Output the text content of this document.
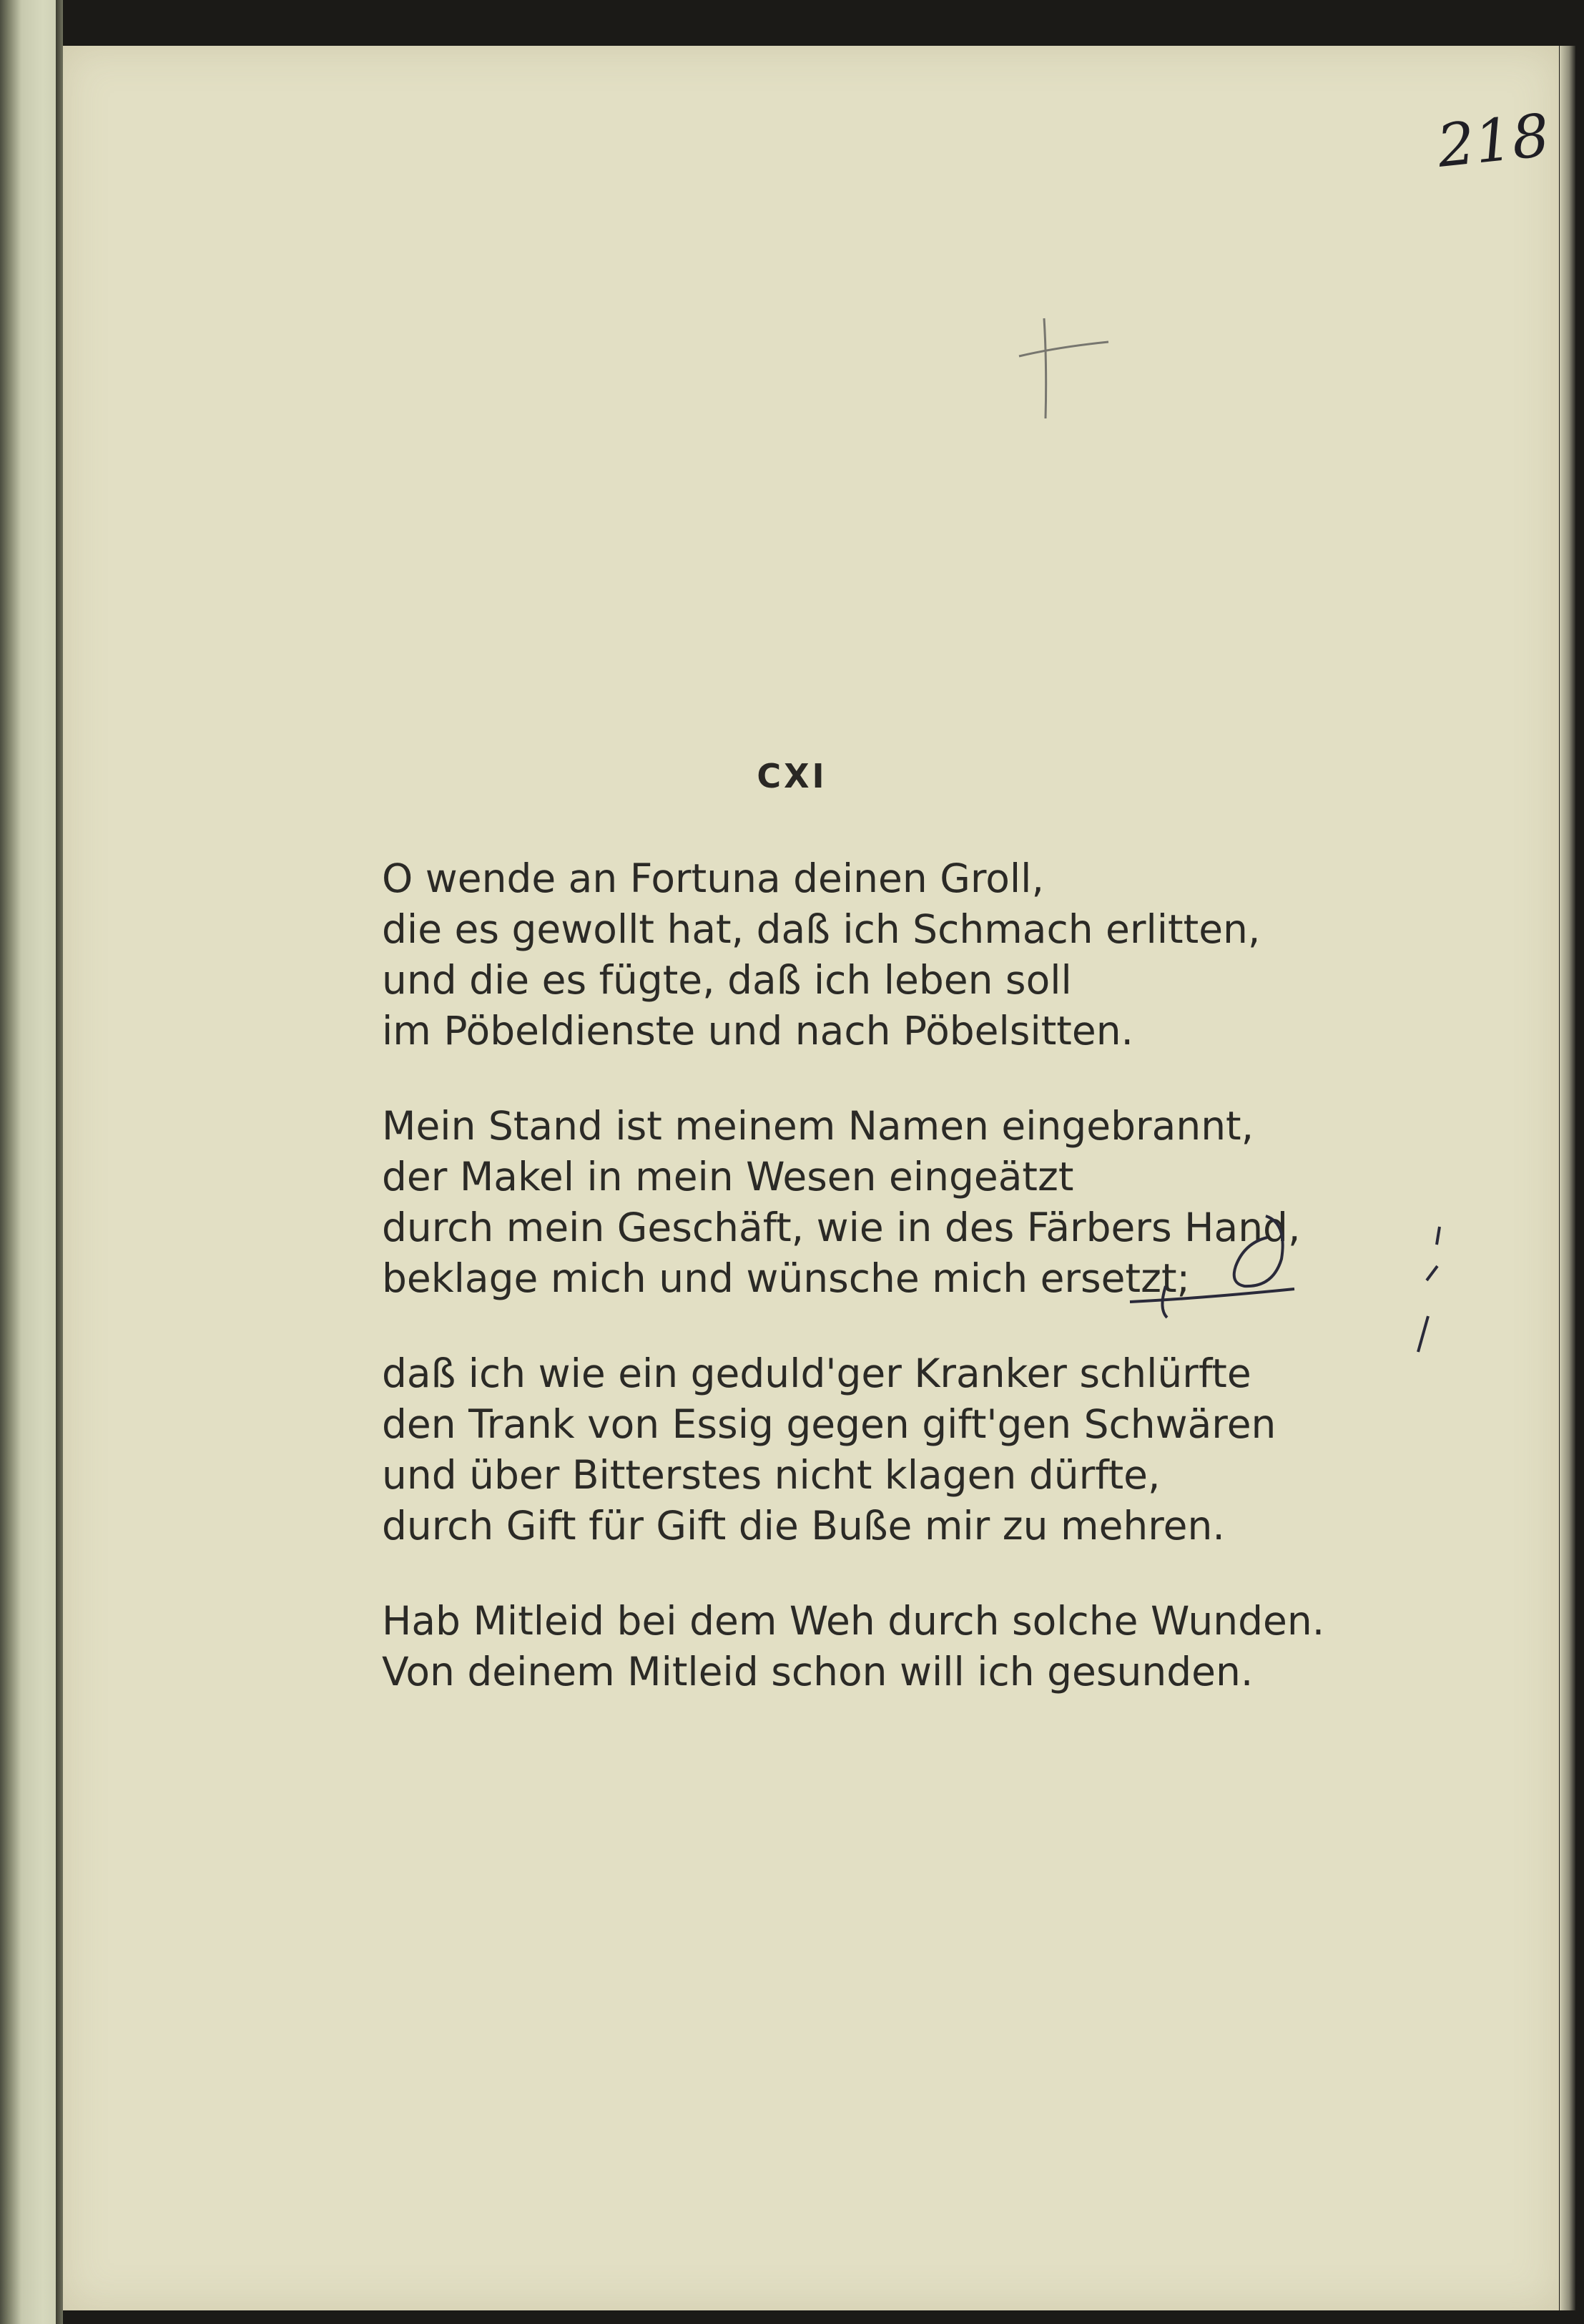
218
CXI
O wende an Fortuna deinen Groll,
die es gewollt hat, daß ich Schmach erlitten,
und die es fügte, daß ich leben soll
im Pöbeldienste und nach Pöbelsitten.
Mein Stand ist meinem Namen eingebrannt,
der Makel in mein Wesen eingeätzt
durch mein Geschäft, wie in des Färbers Hand,
beklage mich und wünsche mich ersetzt;
daß ich wie ein geduld'ger Kranker schlürfte
den Trank von Essig gegen gift'gen Schwären
und über Bitterstes nicht klagen dürfte,
durch Gift für Gift die Buße mir zu mehren.
Hab Mitleid bei dem Weh durch solche Wunden.
Von deinem Mitleid schon will ich gesunden.
